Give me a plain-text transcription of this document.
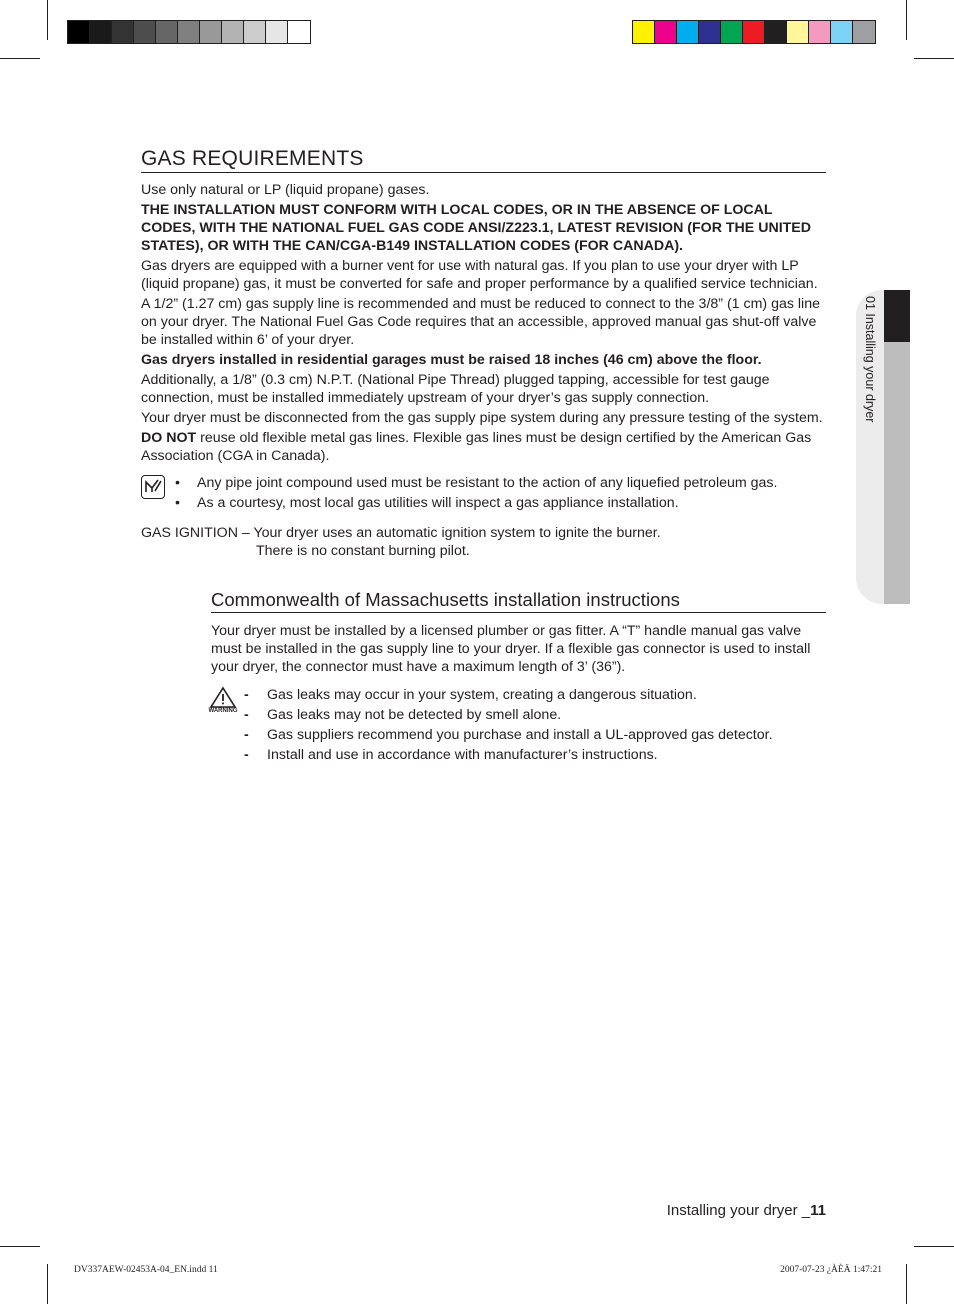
GAS REQUIREMENTS

Use only natural or LP (liquid propane) gases.

THE INSTALLATION MUST CONFORM WITH LOCAL CODES, OR IN THE ABSENCE OF LOCAL CODES, WITH THE NATIONAL FUEL GAS CODE ANSI/Z223.1, LATEST REVISION (FOR THE UNITED STATES), OR WITH THE CAN/CGA-B149 INSTALLATION CODES (FOR CANADA).

Gas dryers are equipped with a burner vent for use with natural gas. If you plan to use your dryer with LP (liquid propane) gas, it must be converted for safe and proper performance by a qualified service technician.

A 1/2” (1.27 cm) gas supply line is recommended and must be reduced to connect to the 3/8” (1 cm) gas line on your dryer. The National Fuel Gas Code requires that an accessible, approved manual gas shut-off valve be installed within 6’ of your dryer.

Gas dryers installed in residential garages must be raised 18 inches (46 cm) above the floor.

Additionally, a 1/8” (0.3 cm) N.P.T. (National Pipe Thread) plugged tapping, accessible for test gauge connection, must be installed immediately upstream of your dryer’s gas supply connection.

Your dryer must be disconnected from the gas supply pipe system during any pressure testing of the system.

DO NOT reuse old flexible metal gas lines. Flexible gas lines must be design certified by the American Gas Association (CGA in Canada).

• Any pipe joint compound used must be resistant to the action of any liquefied petroleum gas.
• As a courtesy, most local gas utilities will inspect a gas appliance installation.
GAS IGNITION – Your dryer uses an automatic ignition system to ignite the burner.
There is no constant burning pilot.
Commonwealth of Massachusetts installation instructions

Your dryer must be installed by a licensed plumber or gas fitter. A “T” handle manual gas valve must be installed in the gas supply line to your dryer. If a flexible gas connector is used to install your dryer, the connector must have a maximum length of 3’ (36”).

WARNING
- Gas leaks may occur in your system, creating a dangerous situation.
- Gas leaks may not be detected by smell alone.
- Gas suppliers recommend you purchase and install a UL-approved gas detector.
- Install and use in accordance with manufacturer’s instructions.
01 Installing your dryer
Installing your dryer _11
DV337AEW-02453A-04_EN.indd 11	2007-07-23 ¿ÀÈÄ 1:47:21
